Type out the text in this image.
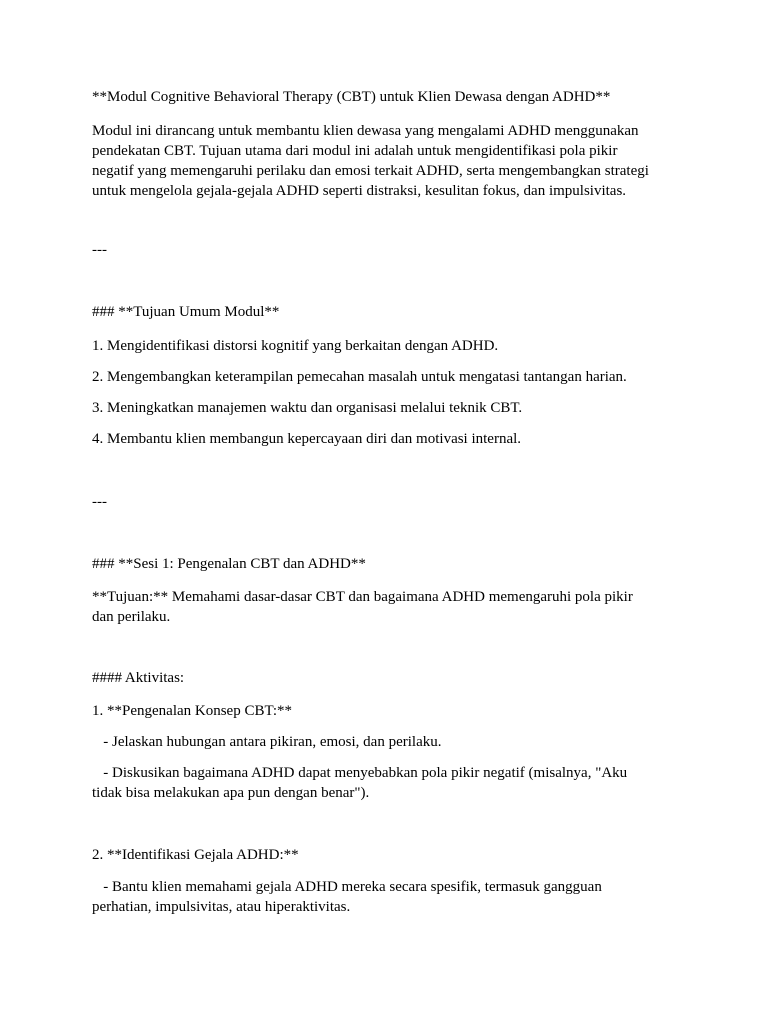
**Modul Cognitive Behavioral Therapy (CBT) untuk Klien Dewasa dengan ADHD**

Modul ini dirancang untuk membantu klien dewasa yang mengalami ADHD menggunakan

pendekatan CBT. Tujuan utama dari modul ini adalah untuk mengidentifikasi pola pikir

negatif yang memengaruhi perilaku dan emosi terkait ADHD, serta mengembangkan strategi

untuk mengelola gejala-gejala ADHD seperti distraksi, kesulitan fokus, dan impulsivitas.

---

### **Tujuan Umum Modul**

1. Mengidentifikasi distorsi kognitif yang berkaitan dengan ADHD.

2. Mengembangkan keterampilan pemecahan masalah untuk mengatasi tantangan harian.

3. Meningkatkan manajemen waktu dan organisasi melalui teknik CBT.

4. Membantu klien membangun kepercayaan diri dan motivasi internal.

---

### **Sesi 1: Pengenalan CBT dan ADHD**

**Tujuan:** Memahami dasar-dasar CBT dan bagaimana ADHD memengaruhi pola pikir

dan perilaku.

#### Aktivitas:

1. **Pengenalan Konsep CBT:**

- Jelaskan hubungan antara pikiran, emosi, dan perilaku.

- Diskusikan bagaimana ADHD dapat menyebabkan pola pikir negatif (misalnya, "Aku

tidak bisa melakukan apa pun dengan benar").

2. **Identifikasi Gejala ADHD:**

- Bantu klien memahami gejala ADHD mereka secara spesifik, termasuk gangguan

perhatian, impulsivitas, atau hiperaktivitas.
